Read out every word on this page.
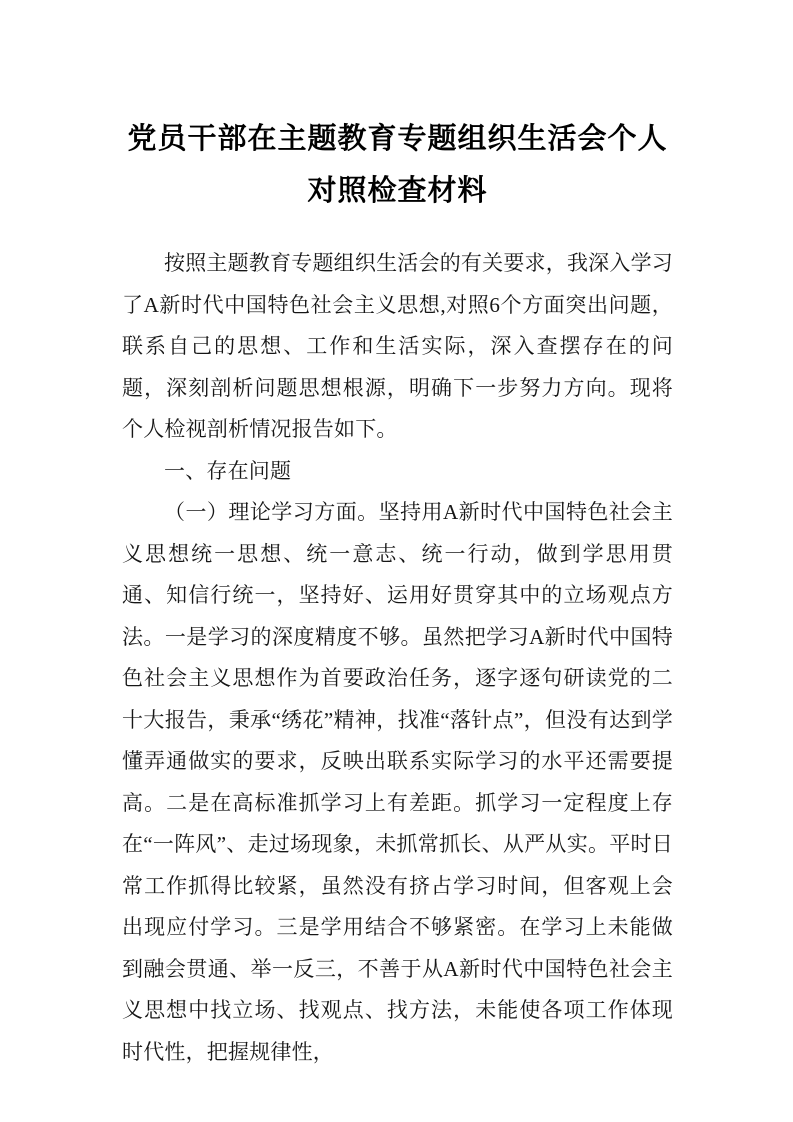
党员干部在主题教育专题组织生活会个人对照检查材料

按照主题教育专题组织生活会的有关要求，我深入学习了A新时代中国特色社会主义思想,对照6个方面突出问题，联系自己的思想、工作和生活实际，深入查摆存在的问题，深刻剖析问题思想根源，明确下一步努力方向。现将个人检视剖析情况报告如下。

一、存在问题

（一）理论学习方面。坚持用A新时代中国特色社会主义思想统一思想、统一意志、统一行动，做到学思用贯通、知信行统一，坚持好、运用好贯穿其中的立场观点方法。一是学习的深度精度不够。虽然把学习A新时代中国特色社会主义思想作为首要政治任务，逐字逐句研读党的二十大报告，秉承“绣花”精神，找准“落针点”，但没有达到学懂弄通做实的要求，反映出联系实际学习的水平还需要提高。二是在高标准抓学习上有差距。抓学习一定程度上存在“一阵风”、走过场现象，未抓常抓长、从严从实。平时日常工作抓得比较紧，虽然没有挤占学习时间，但客观上会出现应付学习。三是学用结合不够紧密。在学习上未能做到融会贯通、举一反三，不善于从A新时代中国特色社会主义思想中找立场、找观点、找方法，未能使各项工作体现时代性，把握规律性，
